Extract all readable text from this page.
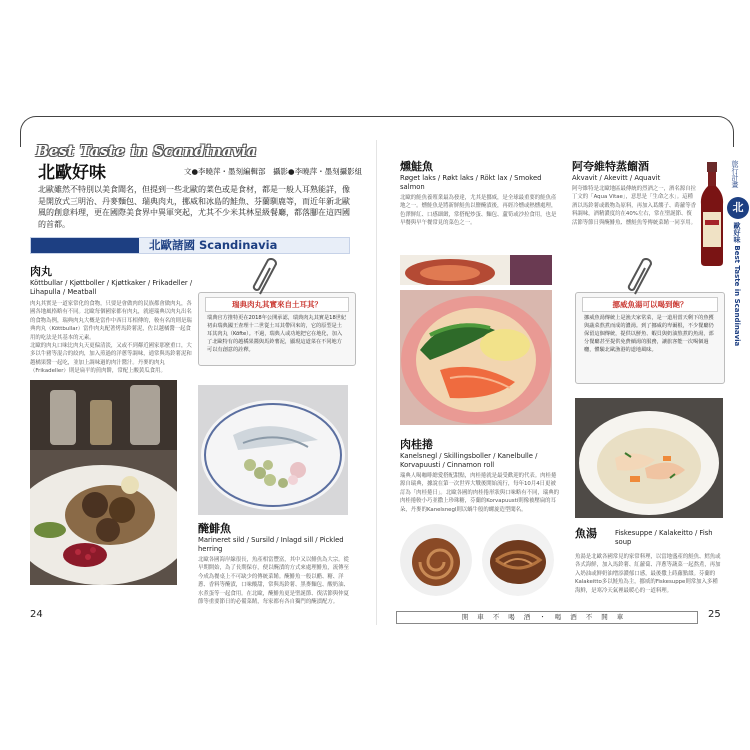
Best Taste in Scandinavia
北歐好味	文●李曉萍・墨刻編輯部　攝影●李曉萍・墨刻攝影組
北歐雖然不特別以美食聞名，但提到一些北歐的菜色或是食材，都是一般人耳熟能詳，像是開放式三明治、丹麥麵包、瑞典肉丸，挪威和冰島的鮭魚、芬蘭馴鹿等，而近年新北歐風的創意料理，更在國際美食界中異軍突起，尤其不少米其林星級餐廳，都落腳在這四國的首都。
北歐諸國 Scandinavia
肉丸
Köttbullar / Kjøttboller / Kjøttkaker / Frikadeller / Lihapulla / Meatball
肉丸其實是一道家常化的食物，只要是會做肉的民族都會做肉丸，各國各地風格略有不同。北歐每個國家都有肉丸，就連瑞典以肉丸出名的食物為例，瑞典肉丸大概是當作中西日耳相傳的，較有名的則是瑞典肉丸（Köttbullar）當作肉丸配著烤馬鈴薯泥，佐以越橘醬一起食用的吃法是其基本的元素。
北歐的肉丸口味比肉丸天更偏清淡，又或不到鄰近國家那麼重口，大多以牛豬等混合的絞肉，加入煎過的洋蔥等調味，通常與馬鈴薯泥和越橘果醬一起吃，並加上調味過的肉汁醬汁。丹麥的肉丸（Frikadeller）則是扁平的煎肉餅，常配上酸黃瓜食用。
瑞典肉丸其實來自土耳其？
瑞典官方推特更在2018年公開承認，瑞典肉丸其實是18世紀初由瑞典國王查理十二世從土耳其帶回來的，它的原型是土耳其肉丸（Köfte）。不過，瑞典人或功地把它在地化，加入了北歐特有的越橘果醬與馬鈴薯泥，顯現這道菜在不同地方可以有創意的詮釋。
醃鯡魚
Marineret sild / Sursild / Inlagd sill / Pickled herring
北歐各國海岸線很長，魚產相當豐富，其中又以鯡魚為大宗。從早期開始，為了長期保存，便以醃漬的方式來處理鯡魚，流傳至今成為餐桌上不可缺少的傳統菜餚。醃鯡魚一般以醋、糖、洋蔥、香料等醃漬，口味酸甜，常與馬鈴薯、黑麥麵包、酸奶油、水煮蛋等一起食用。在北歐，醃鯡魚更是聖誕節、復活節與仲夏節等重要節日的必備菜餚，每家都有各自獨門的醃漬配方。
24
燻鮭魚
Røget laks / Røkt laks / Rökt lax / Smoked salmon
北歐的鮭魚養殖業最為發達，尤其是挪威，是全球最重要的鮭魚產地之一。燻鮭魚是將新鮮鮭魚以鹽醃漬後，再經冷燻或熱燻處理，色澤鮮紅、口感細緻，常搭配炒蛋、麵包、蘆筍或沙拉食用，也是早餐與早午餐常見的菜色之一。
阿夸維特蒸餾酒
Akvavit / Akevitt / Aquavit
阿夸維特是北歐地區最傳統的烈酒之一，酒名源自拉丁文的「Aqua Vitae」，意思是「生命之水」。這種酒以馬鈴薯或穀物為原料，再加入葛縷子、蒔蘿等香料調味，酒精濃度約在40%左右，常在聖誕節、復活節等節日與醃鯡魚、燻鮭魚等傳統菜餚一同享用。
挪威魚湯可以喝到飽？
挪威魚湯傳統上是漁夫家常菜，是一道用當天剩下的魚獲與蔬菜熬煮而成的濃湯。到了挪威的卑爾根，不少餐廳仍保留這個傳統，提供以鮮魚、蝦貝與奶油熬煮的魚湯，部分餐廳甚至提供免費續湯的服務，讓旅客能一次喝個過癮，體驗北歐漁港的道地風味。
肉桂捲
Kanelsnegl / Skillingsboller / Kanelbulle / Korvapuusti / Cinnamon roll
瑞典人喝咖啡總愛搭配甜點，肉桂捲就是最受歡迎的代表。肉桂捲源自瑞典，據說在第一次世界大戰後開始流行，每年10月4日更被訂為「肉桂捲日」。北歐各國的肉桂捲形狀與口味略有不同，瑞典的肉桂捲較小巧並撒上珍珠糖，芬蘭的Korvapuusti則像被壓扁的耳朵，丹麥的Kanelsnegl則以蝸牛般的螺旋造型聞名。
魚湯	Fiskesuppe / Kalakeitto / Fish soup
魚湯是北歐各國常見的家常料理，以當地盛產的鮭魚、鱈魚或各式海鮮，加入馬鈴薯、紅蘿蔔、洋蔥等蔬菜一起熬煮，再加入奶油或鮮奶油增添濃郁口感，最後撒上蒔蘿點綴。芬蘭的Kalakeitto多以鮭魚為主，挪威的Fiskesuppe則常加入多種海鮮，是寒冷天氣裡最暖心的一道料理。
旅行計畫
北
歐好味 Best Taste in Scandinavia
開車不喝酒・喝酒不開車	25
